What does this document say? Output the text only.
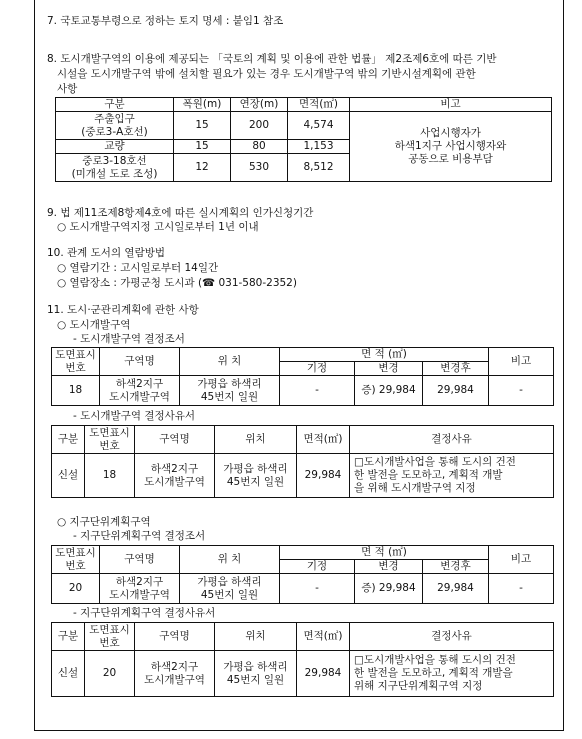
7. 국토교통부령으로 정하는 토지 명세 : 붙임1 참조
8. 도시개발구역의 이용에 제공되는 「국토의 계획 및 이용에 관한 법률」 제2조제6호에 따른 기반
시설을 도시개발구역 밖에 설치할 필요가 있는 경우 도시개발구역 밖의 기반시설계획에 관한
사항
구분	폭원(m)	연장(m)	면적(㎡)	비고
주출입구
(중로3-A호선)	15	200	4,574	사업시행자가
하색1지구 사업시행자와
공동으로 비용부담
교량	15	80	1,153	
중로3-18호선
(미개설 도로 조성)	12	530	8,512	
9. 법 제11조제8항제4호에 따른 실시계획의 인가신청기간
○ 도시개발구역지정 고시일로부터 1년 이내
10. 관계 도서의 열람방법
○ 열람기간 : 고시일로부터 14일간
○ 열람장소 : 가평군청 도시과 (☎ 031-580-2352)
11. 도시·군관리계획에 관한 사항
○ 도시개발구역
- 도시개발구역 결정조서
도면표시
번호	구역명	위 치	면 적 (㎡)			비고
			기정	변경	변경후	
18	하색2지구
도시개발구역	가평읍 하색리
45번지 일원	-	증) 29,984	29,984	-
- 도시개발구역 결정사유서
구분	도면표시
번호	구역명	위치	면적(㎡)	결정사유
신설	18	하색2지구
도시개발구역	가평읍 하색리
45번지 일원	29,984	□도시개발사업을 통해 도시의 건전
한 발전을 도모하고, 계획적 개발
을 위해 도시개발구역 지정
○ 지구단위계획구역
- 지구단위계획구역 결정조서
도면표시
번호	구역명	위 치	면 적 (㎡)			비고
			기정	변경	변경후	
20	하색2지구
도시개발구역	가평읍 하색리
45번지 일원	-	증) 29,984	29,984	-
- 지구단위계획구역 결정사유서
구분	도면표시
번호	구역명	위치	면적(㎡)	결정사유
신설	20	하색2지구
도시개발구역	가평읍 하색리
45번지 일원	29,984	□도시개발사업을 통해 도시의 건전
한 발전을 도모하고, 계획적 개발을
위해 지구단위계획구역 지정
